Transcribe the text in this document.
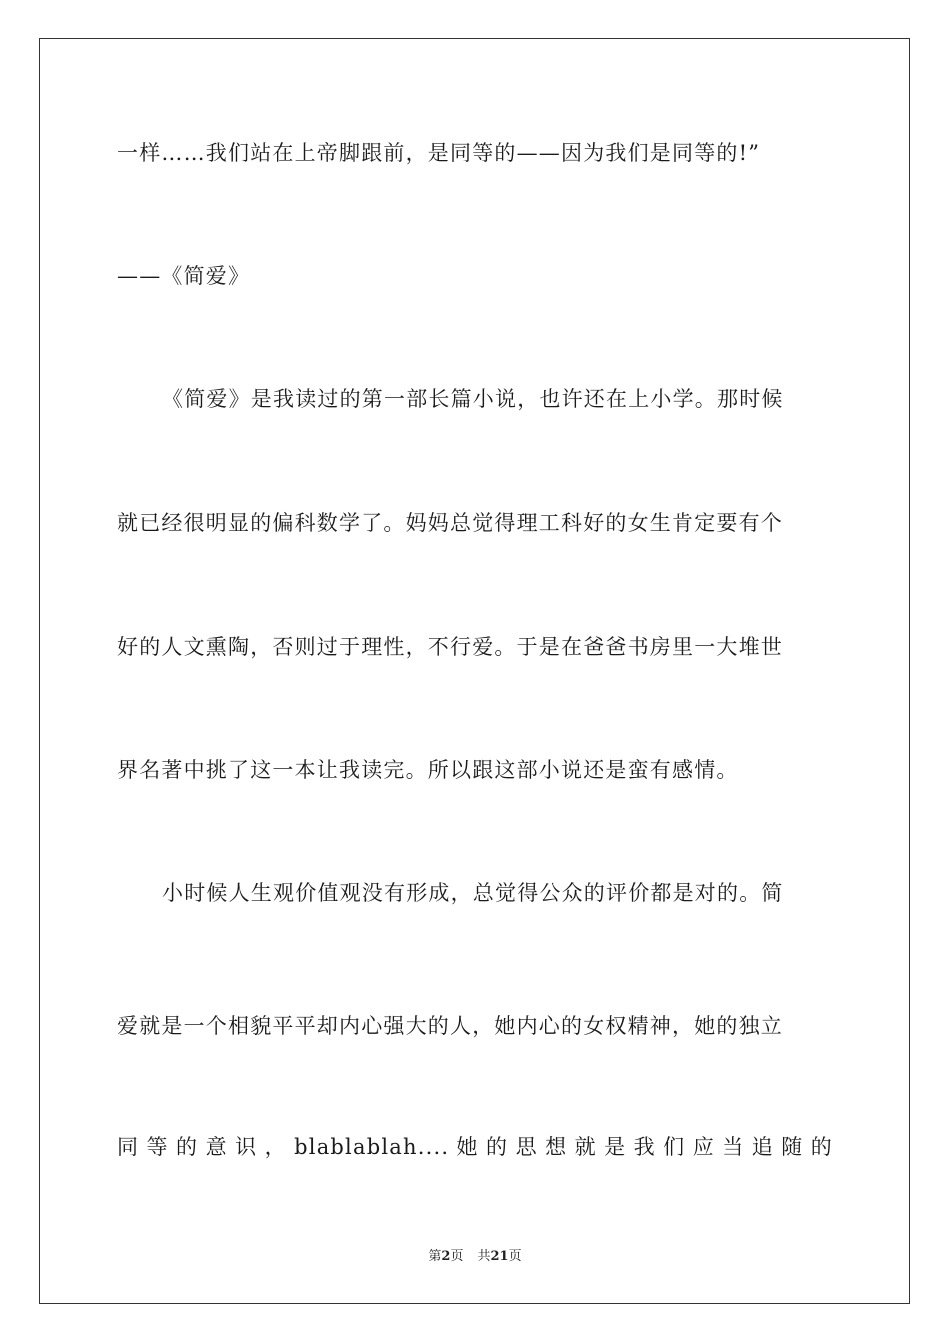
一样……我们站在上帝脚跟前，是同等的——因为我们是同等的!”
——《简爱》
《简爱》是我读过的第一部长篇小说，也许还在上小学。那时候
就已经很明显的偏科数学了。妈妈总觉得理工科好的女生肯定要有个
好的人文熏陶，否则过于理性，不行爱。于是在爸爸书房里一大堆世
界名著中挑了这一本让我读完。所以跟这部小说还是蛮有感情。
小时候人生观价值观没有形成，总觉得公众的评价都是对的。简
爱就是一个相貌平平却内心强大的人，她内心的女权精神，她的独立
同等的意识，blablablah....她的思想就是我们应当追随的
第2页 共21页
